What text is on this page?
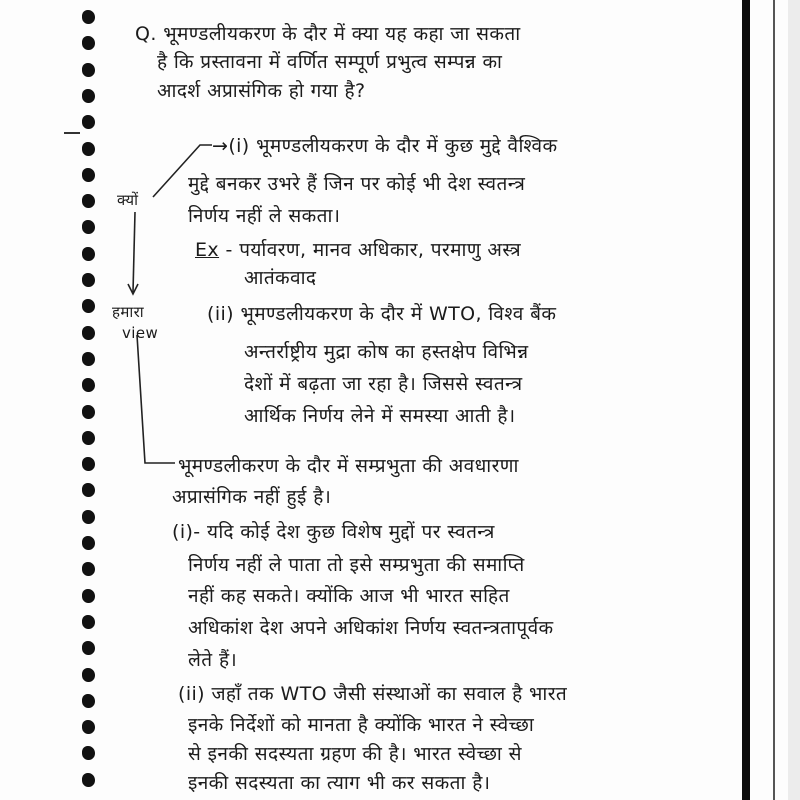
Q. भूमण्डलीयकरण के दौर में क्या यह कहा जा सकता
है कि प्रस्तावना में वर्णित सम्पूर्ण प्रभुत्व सम्पन्न का
आदर्श अप्रासंगिक हो गया है?
क्यों
हमारा
view
→(i) भूमण्डलीयकरण के दौर में कुछ मुद्दे वैश्विक
मुद्दे बनकर उभरे हैं जिन पर कोई भी देश स्वतन्त्र
निर्णय नहीं ले सकता।
Ex - पर्यावरण, मानव अधिकार, परमाणु अस्त्र
आतंकवाद
(ii) भूमण्डलीयकरण के दौर में WTO, विश्व बैंक
अन्तर्राष्ट्रीय मुद्रा कोष का हस्तक्षेप विभिन्न
देशों में बढ़ता जा रहा है। जिससे स्वतन्त्र
आर्थिक निर्णय लेने में समस्या आती है।
भूमण्डलीकरण के दौर में सम्प्रभुता की अवधारणा
अप्रासंगिक नहीं हुई है।
(i)- यदि कोई देश कुछ विशेष मुद्दों पर स्वतन्त्र
निर्णय नहीं ले पाता तो इसे सम्प्रभुता की समाप्ति
नहीं कह सकते। क्योंकि आज भी भारत सहित
अधिकांश देश अपने अधिकांश निर्णय स्वतन्त्रतापूर्वक
लेते हैं।
(ii) जहाँ तक WTO जैसी संस्थाओं का सवाल है भारत
इनके निर्देशों को मानता है क्योंकि भारत ने स्वेच्छा
से इनकी सदस्यता ग्रहण की है। भारत स्वेच्छा से
इनकी सदस्यता का त्याग भी कर सकता है।
